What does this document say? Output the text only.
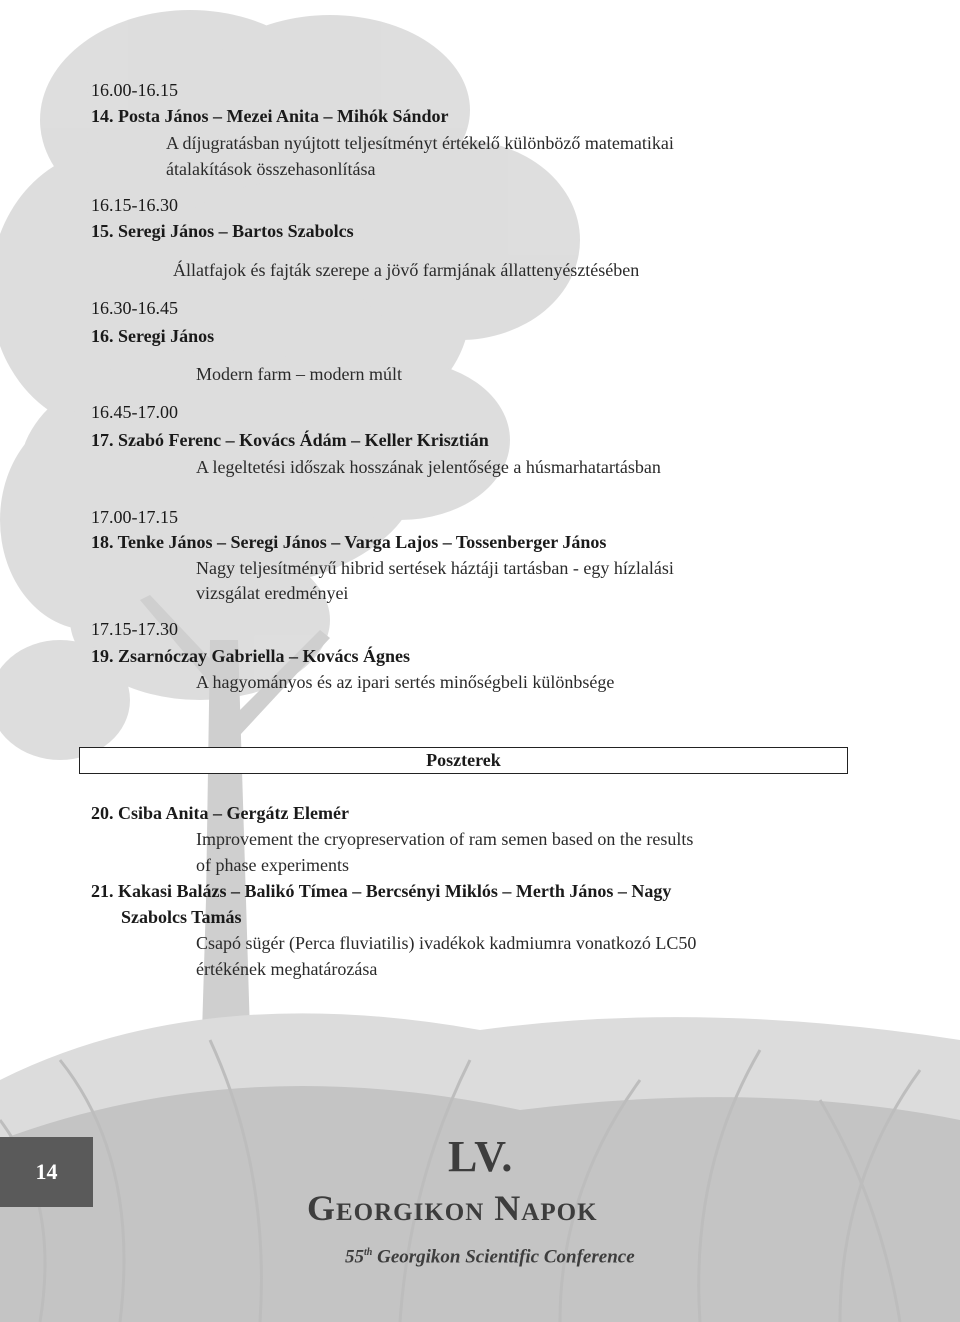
16.00-16.15
14. Posta János – Mezei Anita – Mihók Sándor
A díjugratásban nyújtott teljesítményt értékelő különböző matematikai
átalakítások összehasonlítása
16.15-16.30
15. Seregi János – Bartos Szabolcs
Állatfajok és fajták szerepe a jövő farmjának állattenyésztésében
16.30-16.45
16. Seregi János
Modern farm – modern múlt
16.45-17.00
17. Szabó Ferenc – Kovács Ádám – Keller Krisztián
A legeltetési időszak hosszának jelentősége a húsmarhatartásban
17.00-17.15
18. Tenke János – Seregi János – Varga Lajos – Tossenberger János
Nagy teljesítményű hibrid sertések háztáji tartásban - egy hízlalási
vizsgálat eredményei
17.15-17.30
19. Zsarnóczay Gabriella – Kovács Ágnes
A hagyományos és az ipari sertés minőségbeli különbsége
Poszterek
20. Csiba Anita – Gergátz Elemér
Improvement the cryopreservation of ram semen based on the results
of phase experiments
21. Kakasi Balázs – Balikó Tímea – Bercsényi Miklós – Merth János – Nagy
Szabolcs Tamás
Csapó sügér (Perca fluviatilis) ivadékok kadmiumra vonatkozó LC50
értékének meghatározása
14	LV.
Georgikon Napok
55th Georgikon Scientific Conference
